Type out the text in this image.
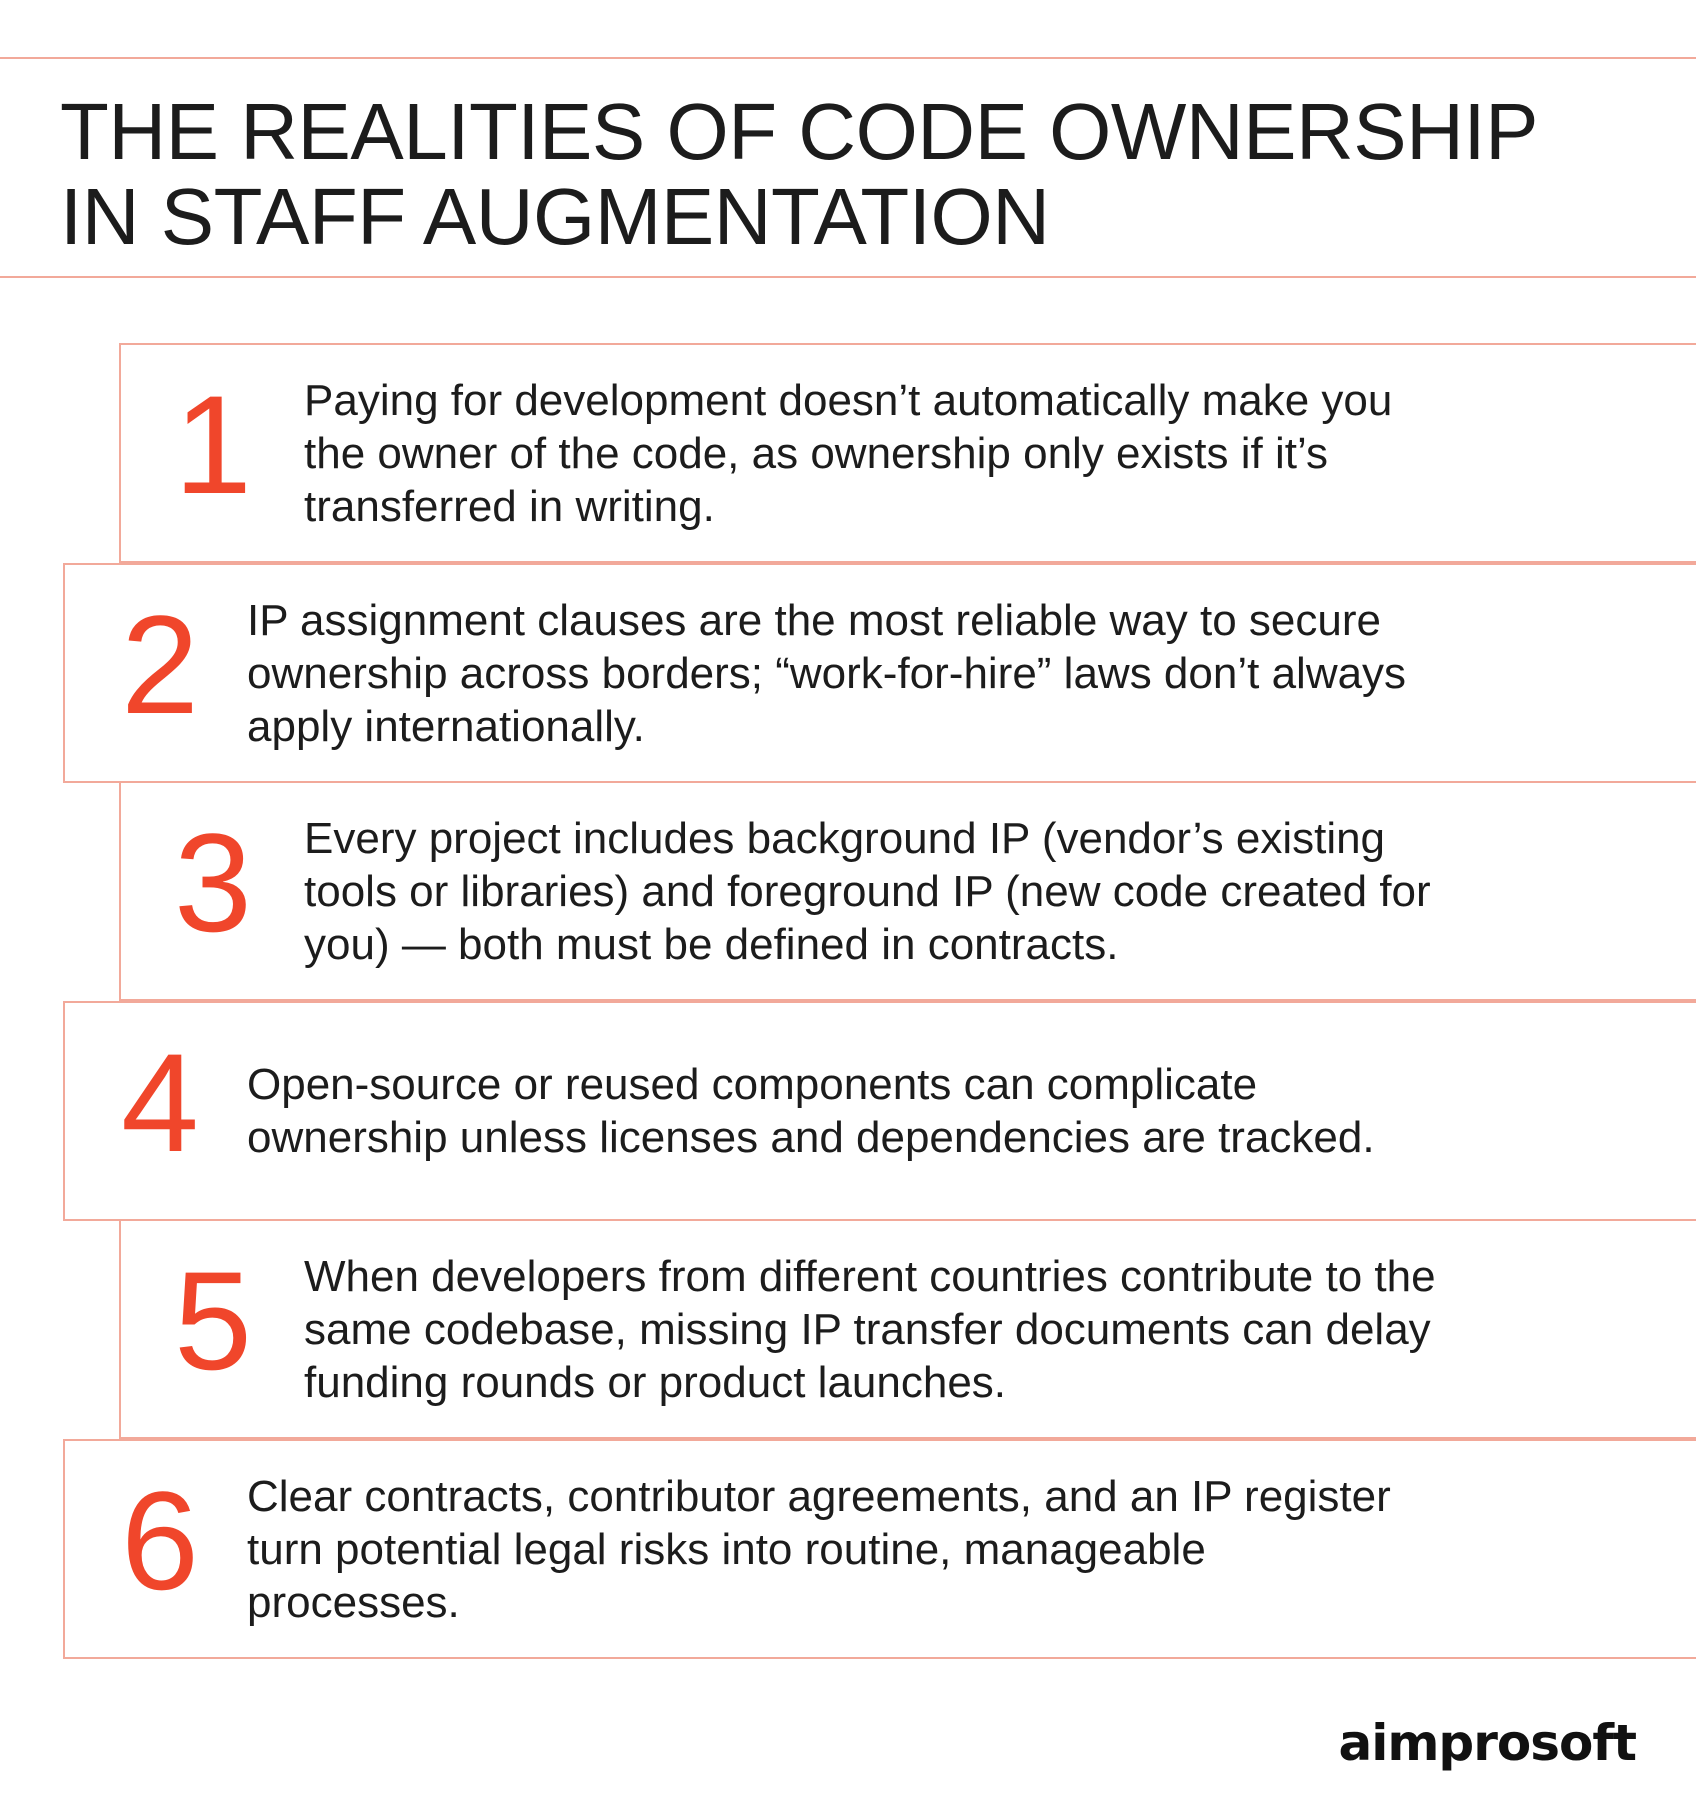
THE REALITIES OF CODE OWNERSHIP
IN STAFF AUGMENTATION
1 Paying for development doesn’t automatically make you
the owner of the code, as ownership only exists if it’s
transferred in writing.
2 IP assignment clauses are the most reliable way to secure
ownership across borders; “work-for-hire” laws don’t always
apply internationally.
3 Every project includes background IP (vendor’s existing
tools or libraries) and foreground IP (new code created for
you) — both must be defined in contracts.
4 Open-source or reused components can complicate
ownership unless licenses and dependencies are tracked.
5 When developers from different countries contribute to the
same codebase, missing IP transfer documents can delay
funding rounds or product launches.
6 Clear contracts, contributor agreements, and an IP register
turn potential legal risks into routine, manageable
processes.
aimprosoft
